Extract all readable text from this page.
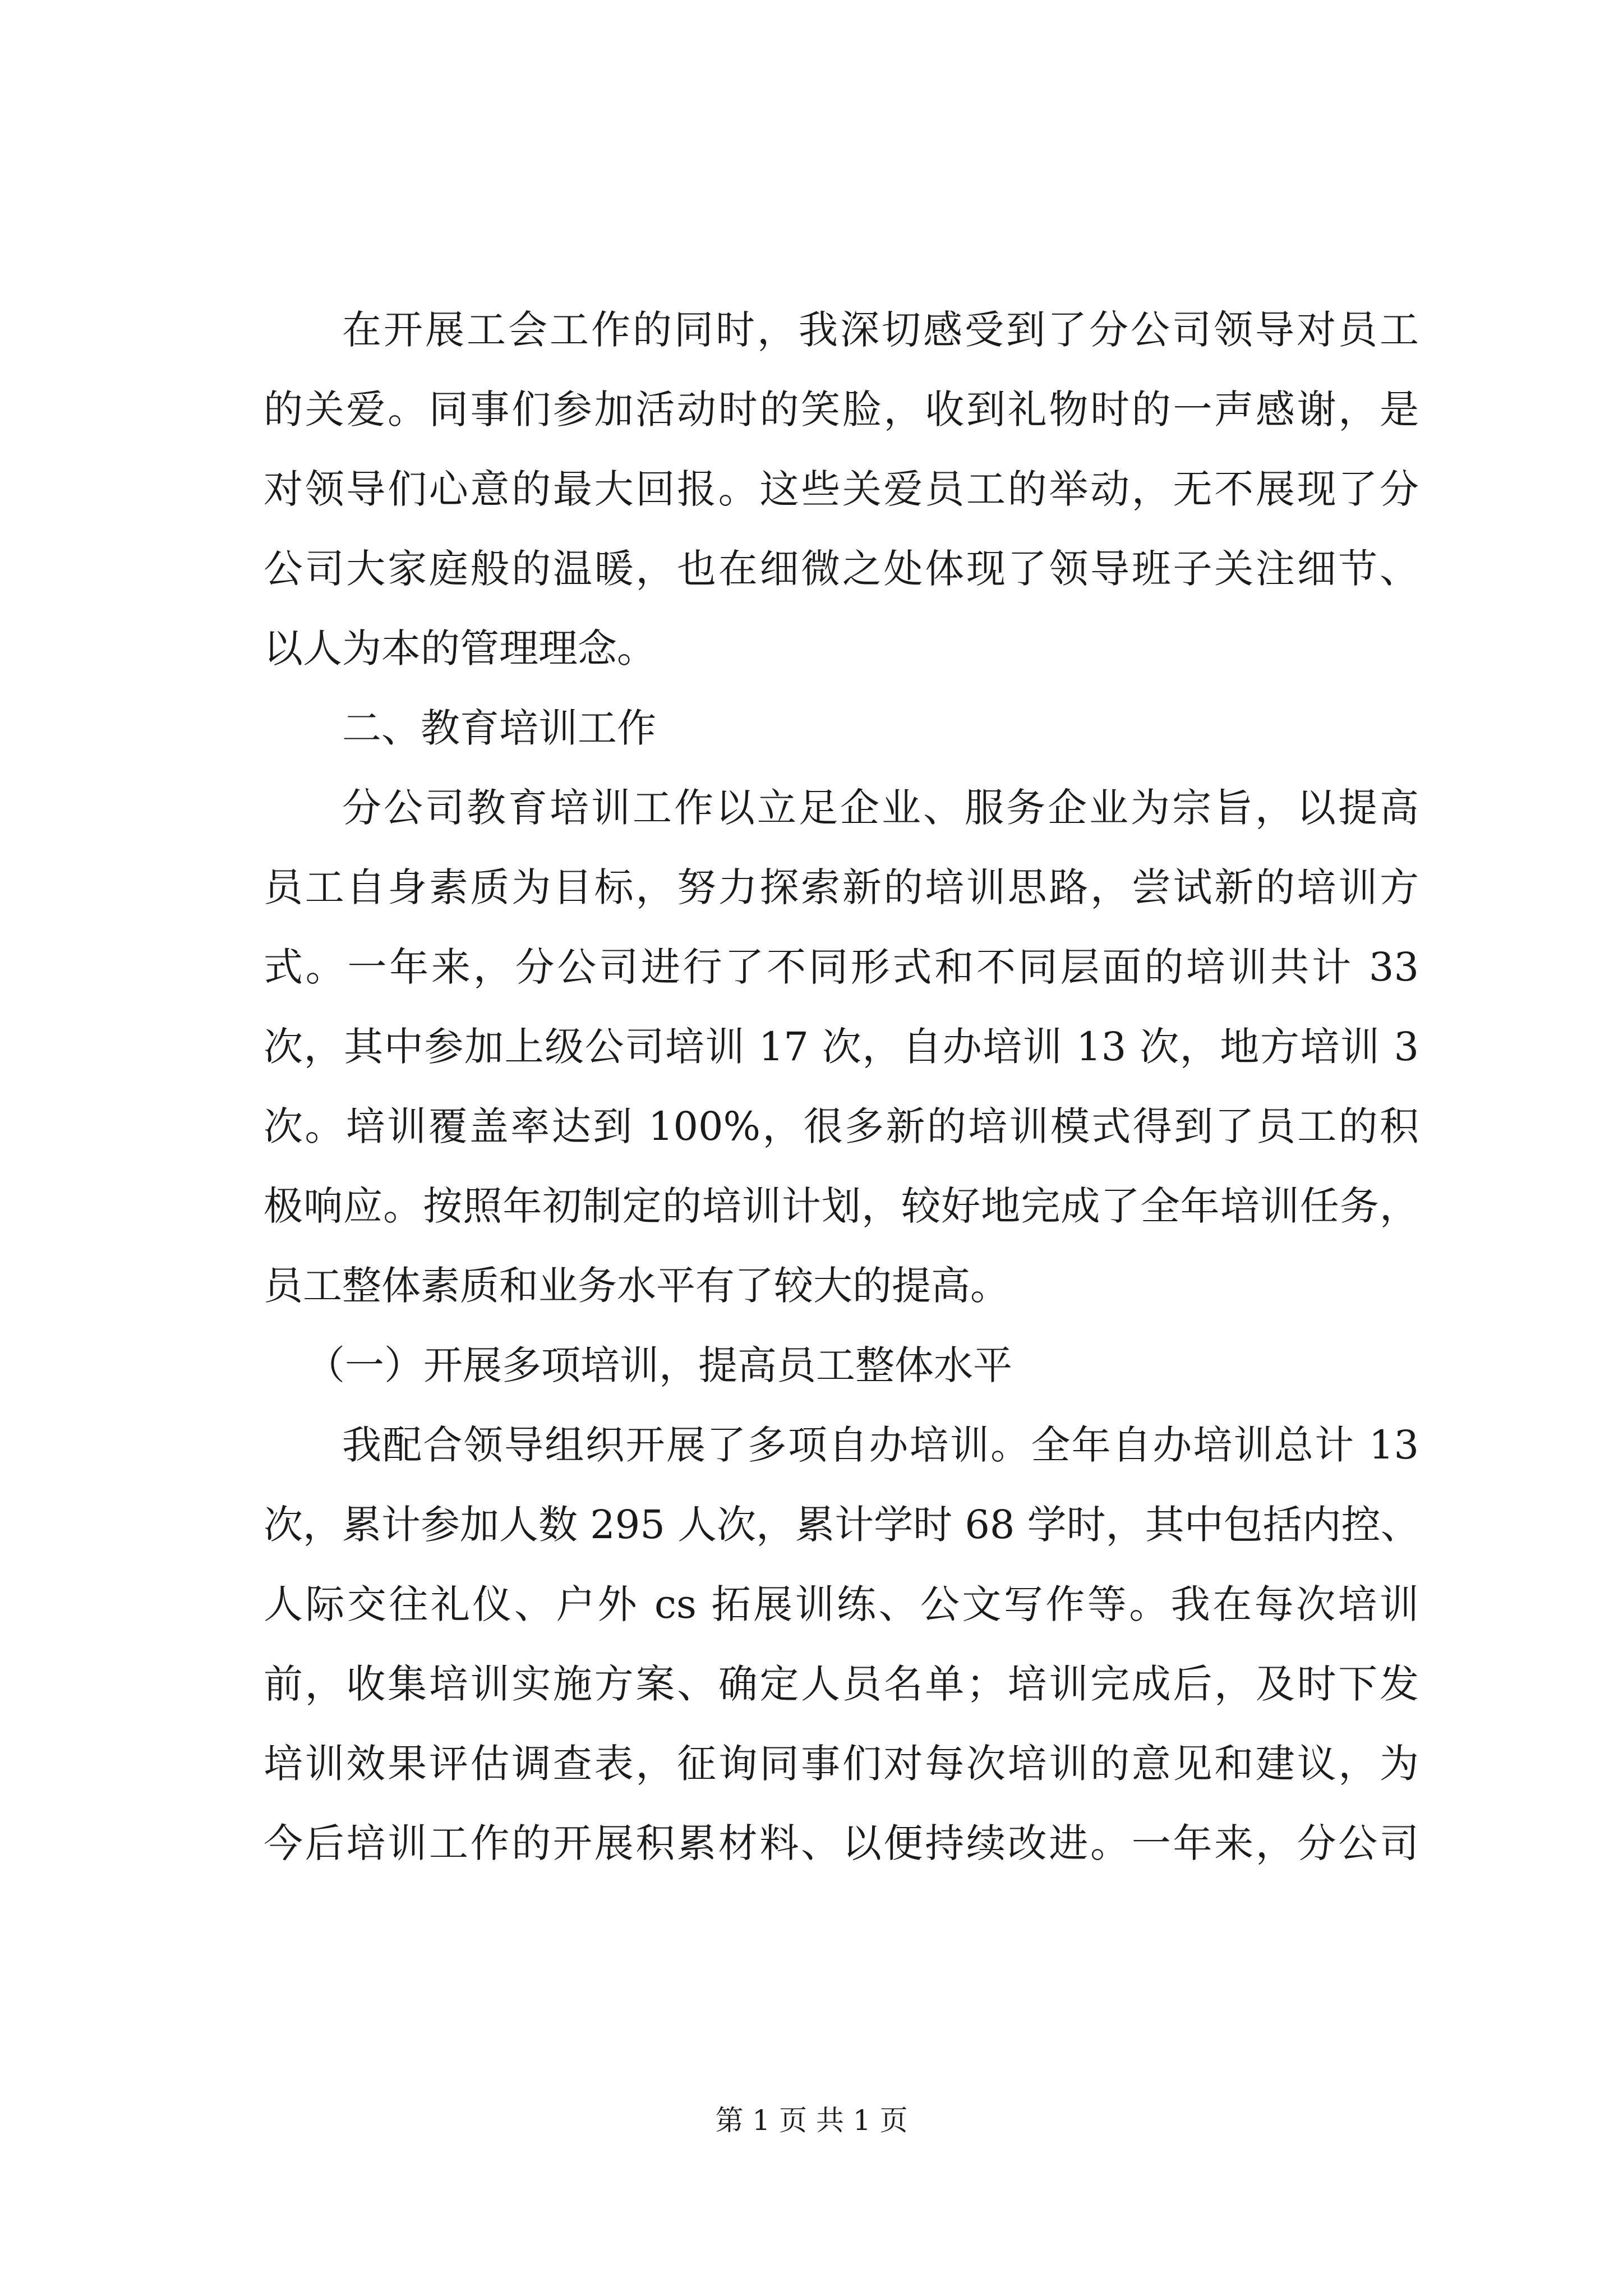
在开展工会工作的同时，我深切感受到了分公司领导对员工
的关爱。同事们参加活动时的笑脸，收到礼物时的一声感谢，是
对领导们心意的最大回报。这些关爱员工的举动，无不展现了分
公司大家庭般的温暖，也在细微之处体现了领导班子关注细节、
以人为本的管理理念。
二、教育培训工作
分公司教育培训工作以立足企业、服务企业为宗旨，以提高
员工自身素质为目标，努力探索新的培训思路，尝试新的培训方
式。一年来，分公司进行了不同形式和不同层面的培训共计 33
次，其中参加上级公司培训 17 次，自办培训 13 次，地方培训 3
次。培训覆盖率达到 100%，很多新的培训模式得到了员工的积
极响应。按照年初制定的培训计划，较好地完成了全年培训任务，
员工整体素质和业务水平有了较大的提高。
（一）开展多项培训，提高员工整体水平
我配合领导组织开展了多项自办培训。全年自办培训总计 13
次，累计参加人数 295 人次，累计学时 68 学时，其中包括内控、
人际交往礼仪、户外 cs 拓展训练、公文写作等。我在每次培训
前，收集培训实施方案、确定人员名单；培训完成后，及时下发
培训效果评估调查表，征询同事们对每次培训的意见和建议，为
今后培训工作的开展积累材料、以便持续改进。一年来，分公司
第 1 页 共 1 页
